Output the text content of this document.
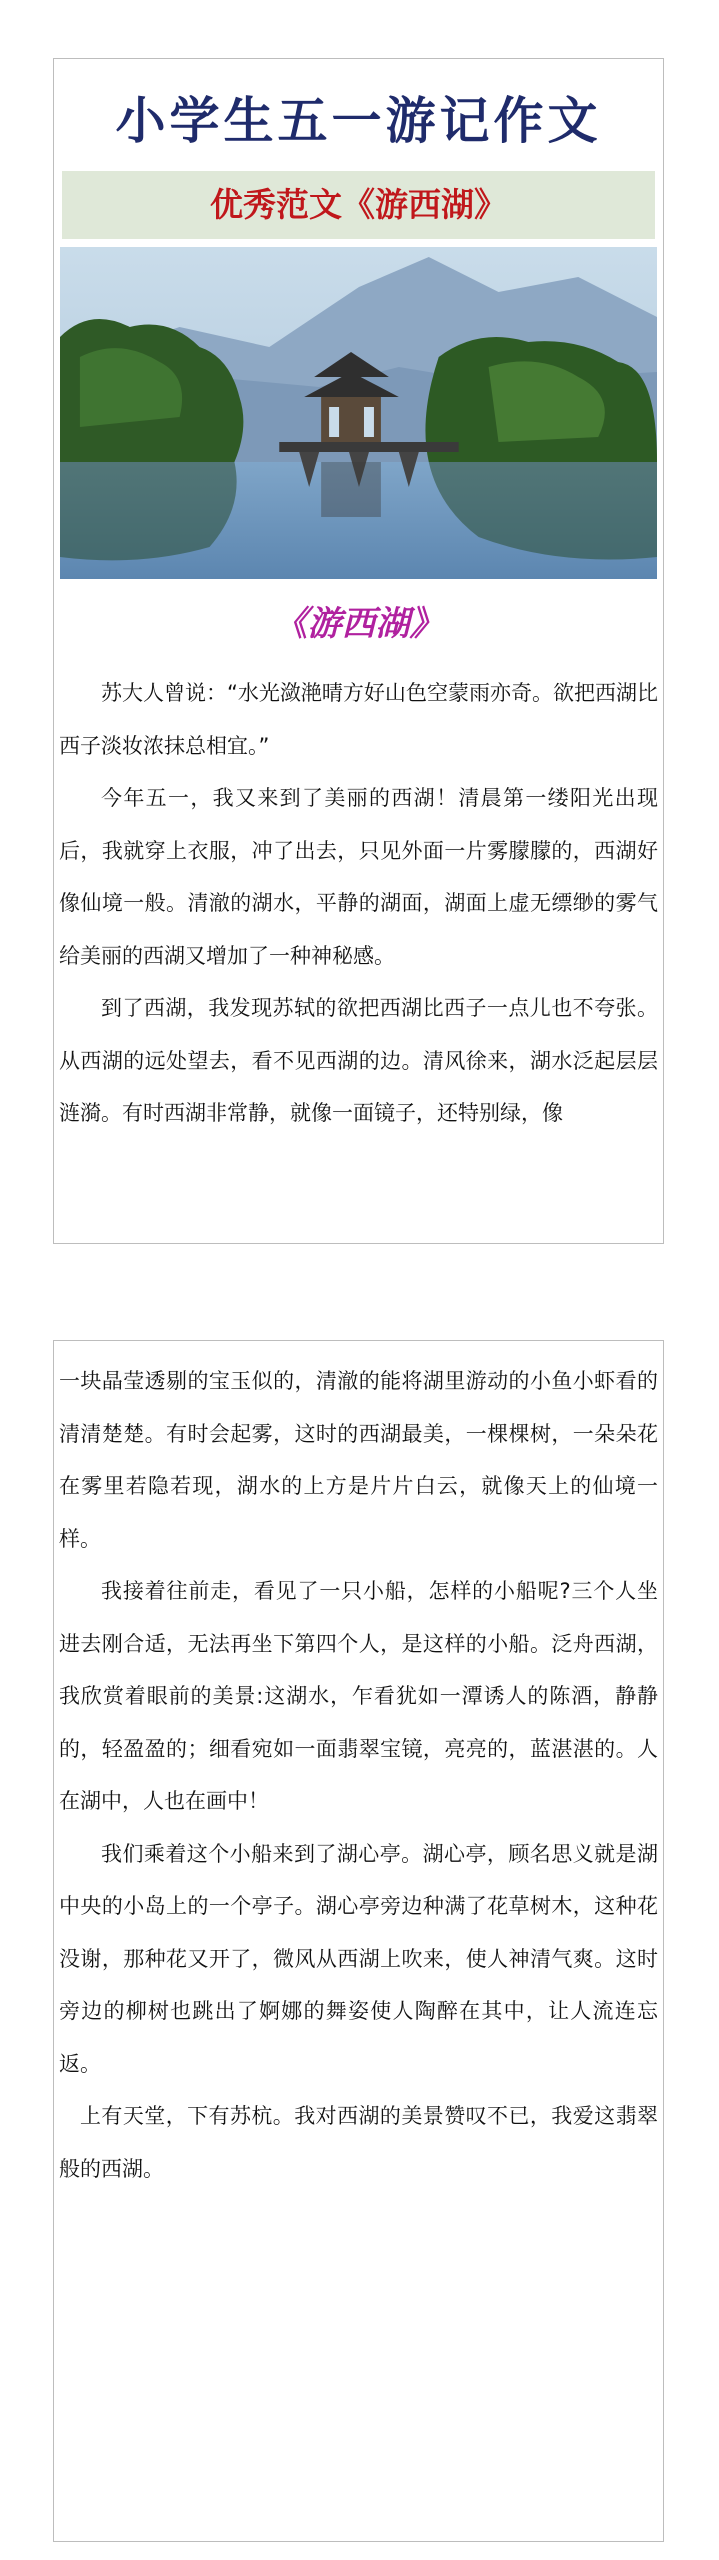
小学生五一游记作文
优秀范文《游西湖》
《游西湖》

苏大人曾说：“水光潋滟晴方好山色空蒙雨亦奇。欲把西湖比西子淡妆浓抹总相宜。”

今年五一，我又来到了美丽的西湖！清晨第一缕阳光出现后，我就穿上衣服，冲了出去，只见外面一片雾朦朦的，西湖好像仙境一般。清澈的湖水，平静的湖面，湖面上虚无缥缈的雾气给美丽的西湖又增加了一种神秘感。

到了西湖，我发现苏轼的欲把西湖比西子一点儿也不夸张。从西湖的远处望去，看不见西湖的边。清风徐来，湖水泛起层层涟漪。有时西湖非常静，就像一面镜子，还特别绿，像

一块晶莹透剔的宝玉似的，清澈的能将湖里游动的小鱼小虾看的清清楚楚。有时会起雾，这时的西湖最美，一棵棵树，一朵朵花在雾里若隐若现，湖水的上方是片片白云，就像天上的仙境一样。

我接着往前走，看见了一只小船，怎样的小船呢?三个人坐进去刚合适，无法再坐下第四个人，是这样的小船。泛舟西湖，我欣赏着眼前的美景:这湖水，乍看犹如一潭诱人的陈酒，静静的，轻盈盈的；细看宛如一面翡翠宝镜，亮亮的，蓝湛湛的。人在湖中，人也在画中！

我们乘着这个小船来到了湖心亭。湖心亭，顾名思义就是湖中央的小岛上的一个亭子。湖心亭旁边种满了花草树木，这种花没谢，那种花又开了，微风从西湖上吹来，使人神清气爽。这时旁边的柳树也跳出了婀娜的舞姿使人陶醉在其中，让人流连忘返。

上有天堂，下有苏杭。我对西湖的美景赞叹不已，我爱这翡翠般的西湖。
